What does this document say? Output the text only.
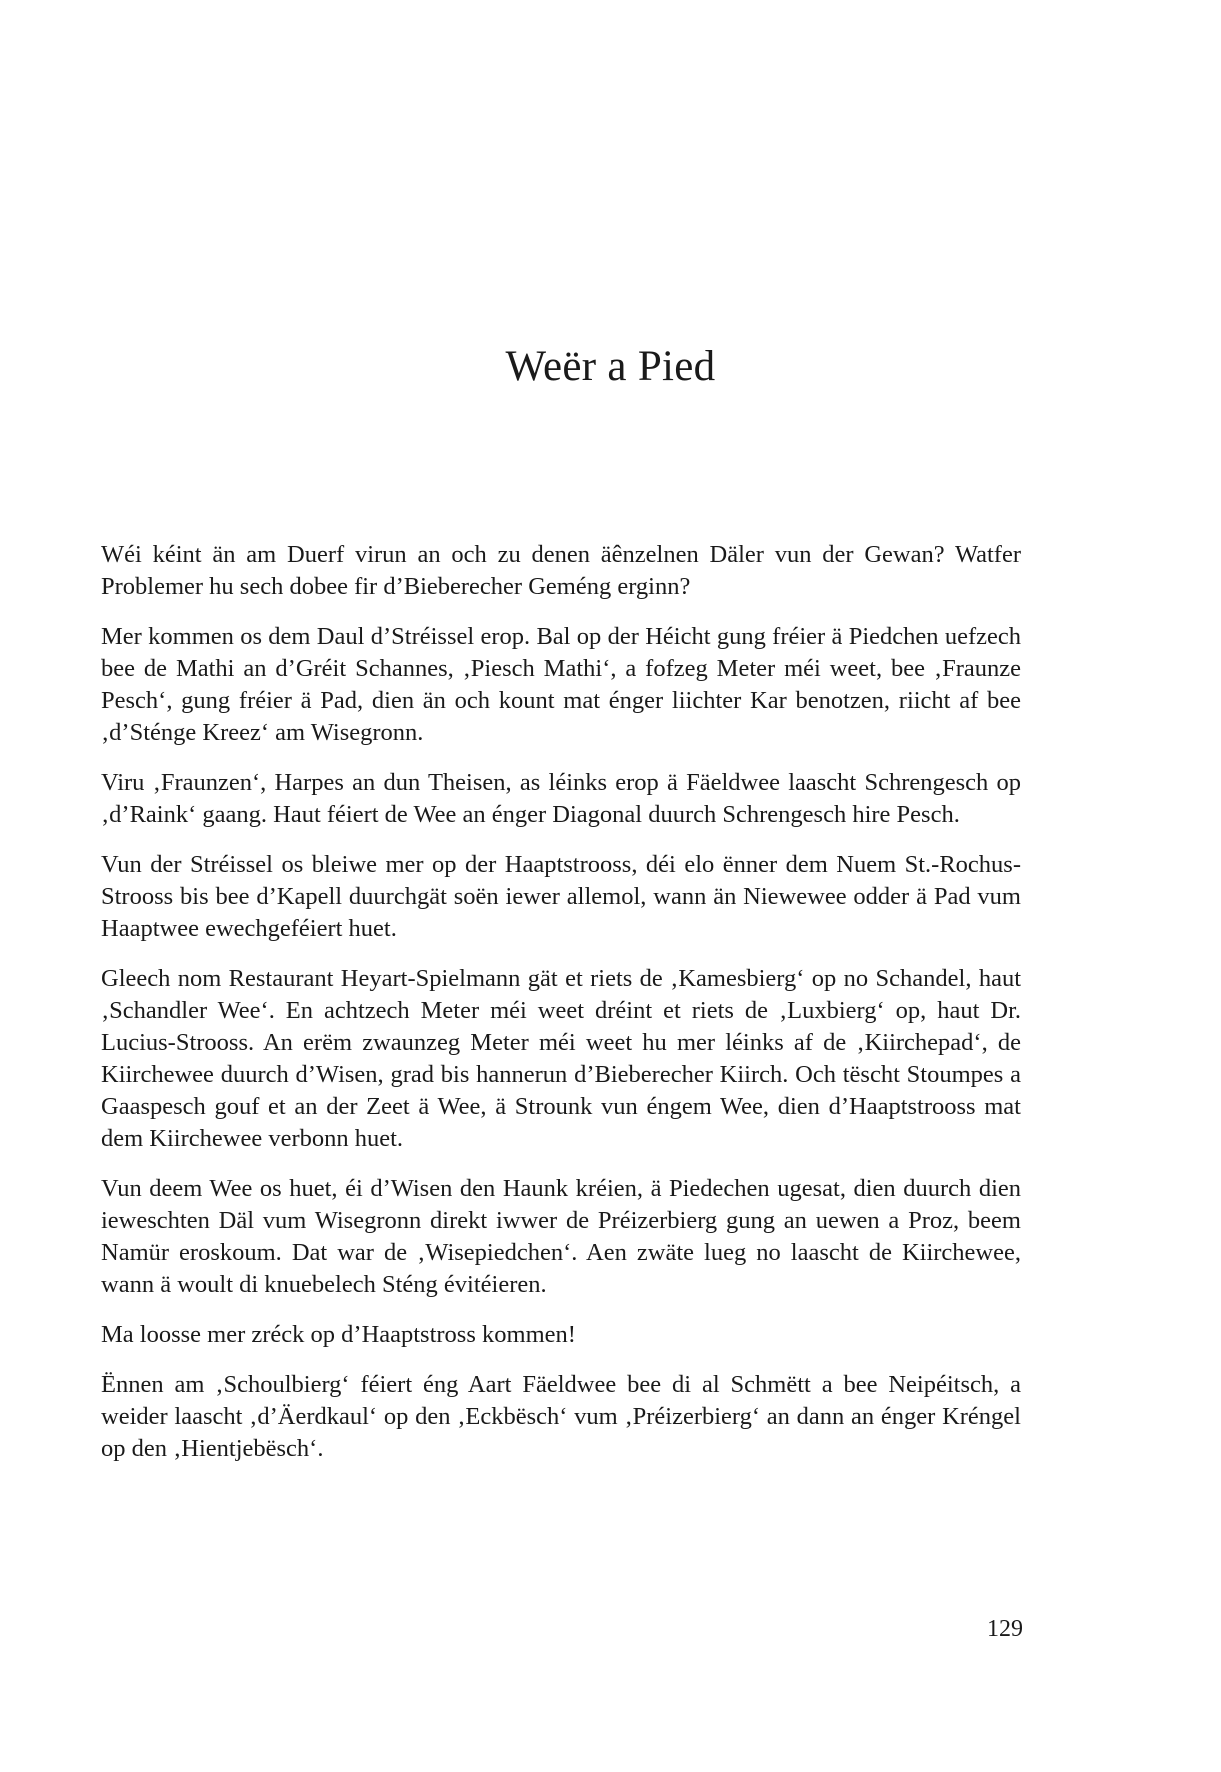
Weër a Pied

Wéi kéint än am Duerf virun an och zu denen äênzelnen Däler vun der Gewan? Watfer Problemer hu sech dobee fir d’Bieberecher Geméng erginn?

Mer kommen os dem Daul d’Stréissel erop. Bal op der Héicht gung fréier ä Piedchen uefzech bee de Mathi an d’Gréit Schannes, ‚Piesch Mathi‘, a fofzeg Meter méi weet, bee ‚Fraunze Pesch‘, gung fréier ä Pad, dien än och kount mat énger liichter Kar benotzen, riicht af bee ‚d’Sténge Kreez‘ am Wisegronn.

Viru ‚Fraunzen‘, Harpes an dun Theisen, as léinks erop ä Fäeldwee laascht Schrengesch op ‚d’Raink‘ gaang. Haut féiert de Wee an énger Diagonal duurch Schrengesch hire Pesch.

Vun der Stréissel os bleiwe mer op der Haaptstrooss, déi elo ënner dem Nuem St.-Rochus-Strooss bis bee d’Kapell duurchgät soën iewer allemol, wann än Niewewee odder ä Pad vum Haaptwee ewechgeféiert huet.

Gleech nom Restaurant Heyart-Spielmann gät et riets de ‚Kamesbierg‘ op no Schandel, haut ‚Schandler Wee‘. En achtzech Meter méi weet dréint et riets de ‚Luxbierg‘ op, haut Dr. Lucius-Strooss. An erëm zwaunzeg Meter méi weet hu mer léinks af de ‚Kiirchepad‘, de Kiirchewee duurch d’Wisen, grad bis hannerun d’Bieberecher Kiirch. Och tëscht Stoumpes a Gaaspesch gouf et an der Zeet ä Wee, ä Strounk vun éngem Wee, dien d’Haaptstrooss mat dem Kiirchewee verbonn huet.

Vun deem Wee os huet, éi d’Wisen den Haunk kréien, ä Piedechen ugesat, dien duurch dien ieweschten Däl vum Wisegronn direkt iwwer de Préizerbierg gung an uewen a Proz, beem Namür eroskoum. Dat war de ‚Wisepiedchen‘. Aen zwäte lueg no laascht de Kiirchewee, wann ä woult di knuebelech Sténg évitéieren.

Ma loosse mer zréck op d’Haaptstross kommen!

Ënnen am ‚Schoulbierg‘ féiert éng Aart Fäeldwee bee di al Schmëtt a bee Neipéitsch, a weider laascht ‚d’Äerdkaul‘ op den ‚Eckbësch‘ vum ‚Préizerbierg‘ an dann an énger Kréngel op den ‚Hientjebësch‘.

129
